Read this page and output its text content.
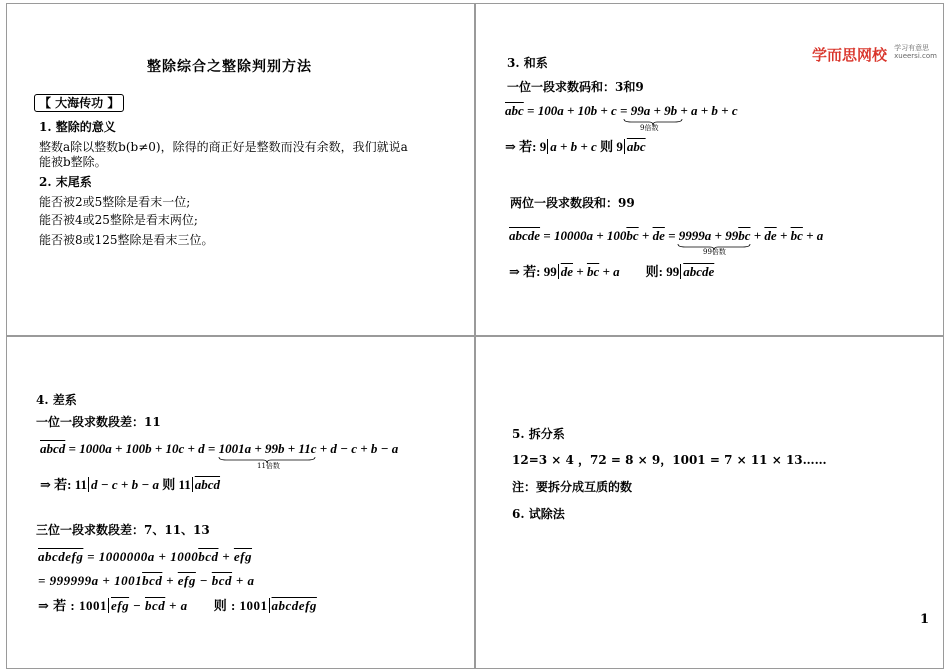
整除综合之整除判别方法
【 大海传功 】
1. 整除的意义
整数a除以整数b(b≠0)，除得的商正好是整数而没有余数，我们就说a
能被b整除。
2. 末尾系
能否被2或5整除是看末一位;
能否被4或25整除是看末两位;
能否被8或125整除是看末三位。
学而思网校 学习有意思
xueersi.com
3. 和系
一位一段求数码和：3和9
$\overline{abc} = 100a + 10b + c = 99a + 9b + a + b + c$
9倍数
⇒ 若: 9 a + b + c 则 9 $\overline{abc}$
两位一段求数段和：99
abcde = $10000a + 100\overline{bc} + \overline{de} = 9999a + 99\overline{bc} + \overline{de} + \overline{bc} + a$
99倍数
⇒ 若: 99 $\overline{de} + \overline{bc} + a$ 则: 99 abcde
4. 差系
一位一段求数段差：11
abcd = 1000a + 100b + 10c + d = 1001a + 99b + 11c + d − c + b − a
11倍数
⇒ 若: 11 d − c + b − a 则 11 abcd
三位一段求数段差：7、11、13
abcdefg = $1000000a + 1000\overline{bcd} + \overline{efg}$
= $999999a + 1001\overline{bcd} + \overline{efg} - \overline{bcd} + a$
⇒ 若 : 1001 $\overline{efg} - \overline{bcd} + a$ 则 : 1001 abcdefg
5. 拆分系
12=3 × 4 ，72 = 8 × 9，1001 = 7 × 11 × 13……
注：要拆分成互质的数
6. 试除法
1
